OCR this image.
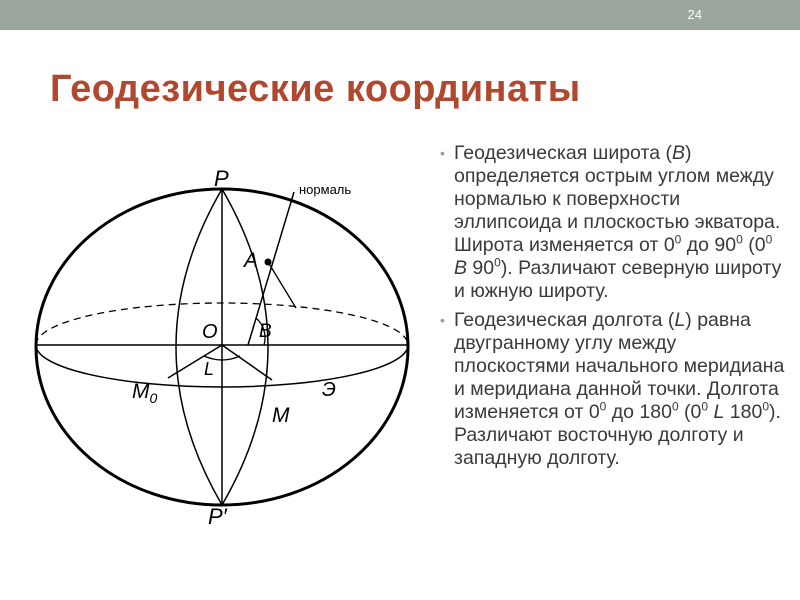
24
Геодезические координаты
P
P′
нормаль
A
O B
L
$M_0$
M
Э
• Геодезическая широта (B) определяется острым углом между нормалью к поверхности эллипсоида и плоскостью экватора. Широта изменяется от $0^0$ до $90^0$ ($0^0$ B $90^0$). Различают северную широту и южную широту.
• Геодезическая долгота (L) равна двугранному углу между плоскостями начального меридиана и меридиана данной точки. Долгота изменяется от $0^0$ до $180^0$ ($0^0$ L $180^0$). Различают восточную долготу и западную долготу.
